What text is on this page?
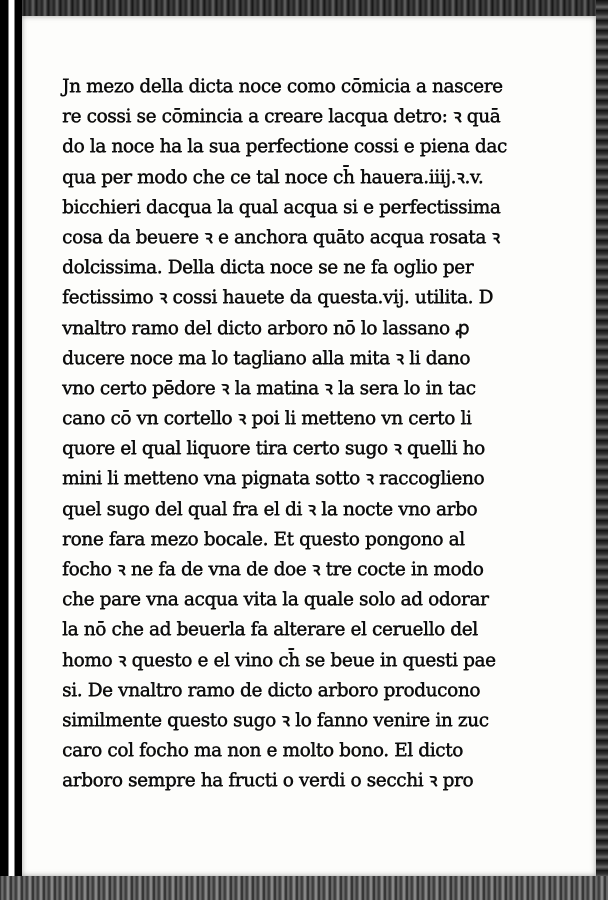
Jn mezo della dicta noce como cōmicia a nascere
re cossi se cōmincia a creare lacqua detro: ꝛ quā
do la noce ha la sua perfectione cossi e piena dac
qua per modo che ce tal noce ch̄ hauera.iiij.ꝛ.v.
bicchieri dacqua la qual acqua si e perfectissima
cosa da beuere ꝛ e anchora quāto acqua rosata ꝛ
dolcissima. Della dicta noce se ne fa oglio per
fectissimo ꝛ cossi hauete da questa.vij. utilita. D
vnaltro ramo del dicto arboro nō lo lassano ꝓ
ducere noce ma lo tagliano alla mita ꝛ li dano
vno certo pēdore ꝛ la matina ꝛ la sera lo in tac
cano cō vn cortello ꝛ poi li metteno vn certo li
quore el qual liquore tira certo sugo ꝛ quelli ho
mini li metteno vna pignata sotto ꝛ raccoglieno
quel sugo del qual fra el di ꝛ la nocte vno arbo
rone fara mezo bocale. Et questo pongono al
focho ꝛ ne fa de vna de doe ꝛ tre cocte in modo
che pare vna acqua vita la quale solo ad odorar
la nō che ad beuerla fa alterare el ceruello del
homo ꝛ questo e el vino ch̄ se beue in questi pae
si. De vnaltro ramo de dicto arboro producono
similmente questo sugo ꝛ lo fanno venire in zuc
caro col focho ma non e molto bono. El dicto
arboro sempre ha fructi o verdi o secchi ꝛ pro
